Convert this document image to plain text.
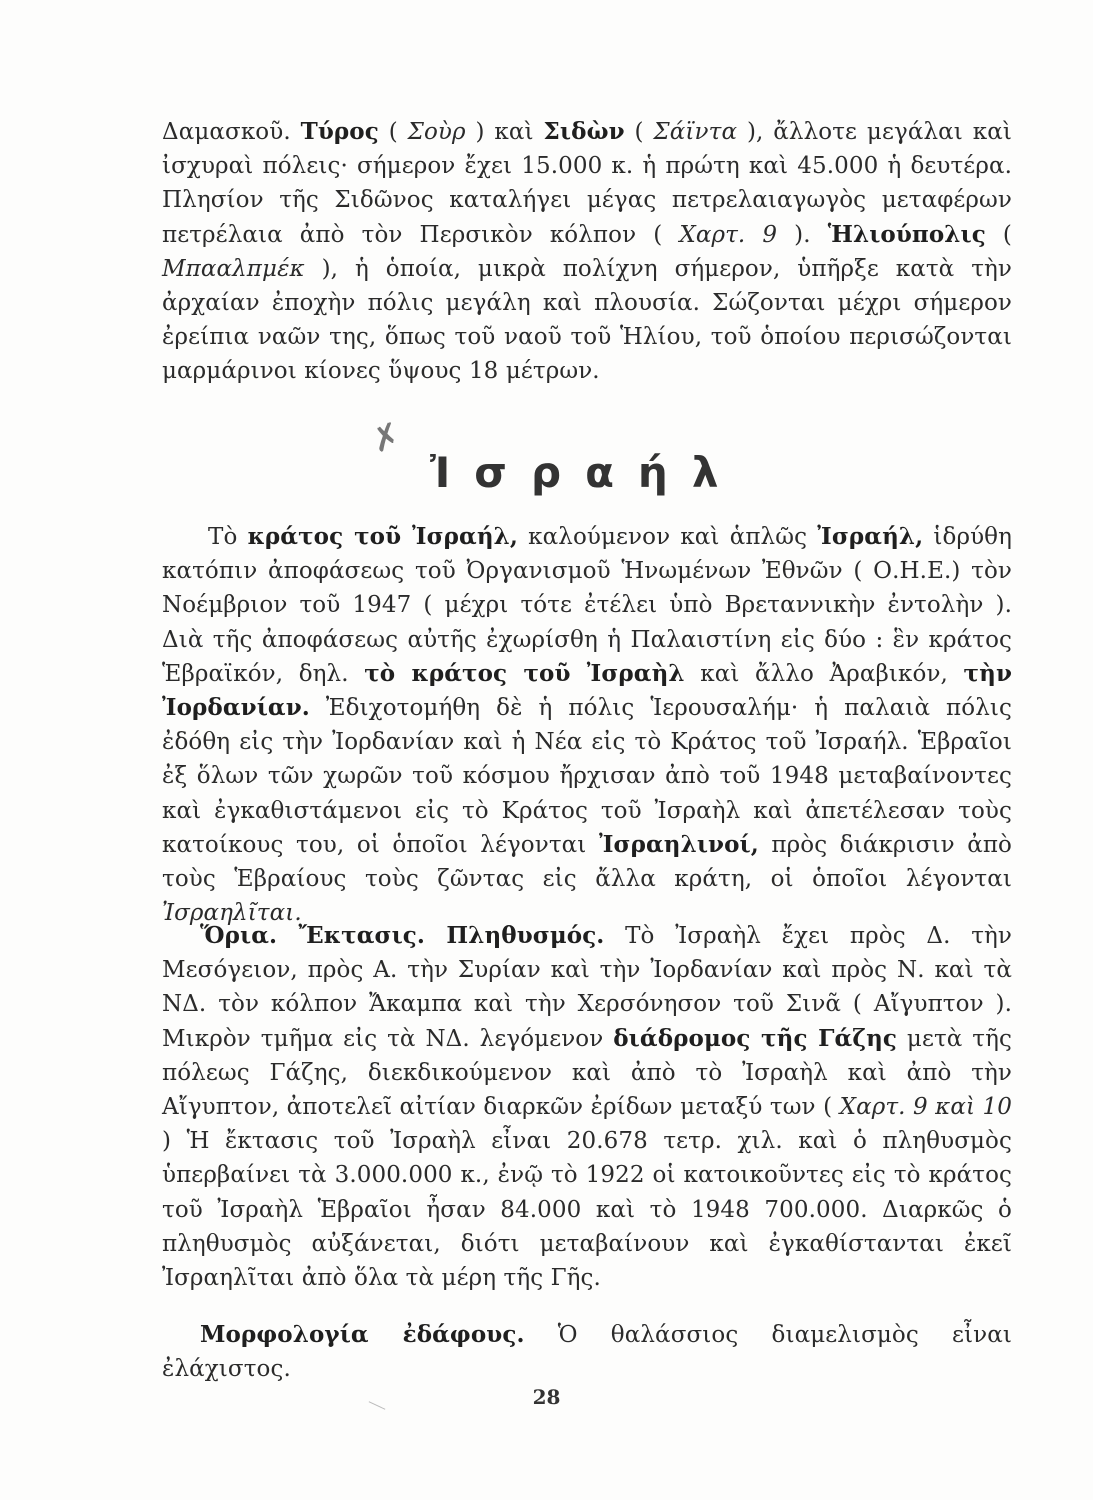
Δαμασκοῦ. Τύρος ( Σοὺρ ) καὶ Σιδὼν ( Σάϊντα ), ἄλλοτε μεγάλαι καὶ ἰσχυραὶ πόλεις· σήμερον ἔχει 15.000 κ. ἡ πρώτη καὶ 45.000 ἡ δευτέρα. Πλησίον τῆς Σιδῶνος καταλήγει μέγας πετρελαιαγωγὸς μεταφέρων πετρέλαια ἀπὸ τὸν Περσικὸν κόλπον ( Χαρτ. 9 ). Ἡλιούπολις ( Μπααλπμέκ ), ἡ ὁποία, μικρὰ πολίχνη σήμερον, ὑπῆρξε κατὰ τὴν ἀρχαίαν ἐποχὴν πόλις μεγάλη καὶ πλουσία. Σώζονται μέχρι σήμερον ἐρείπια ναῶν της, ὅπως τοῦ ναοῦ τοῦ Ἡλίου, τοῦ ὁποίου περισώζονται μαρμάρινοι κίονες ὕψους 18 μέτρων.
✗
Ἰσραήλ
Τὸ κράτος τοῦ Ἰσραήλ, καλούμενον καὶ ἁπλῶς Ἰσραήλ, ἱδρύθη κατόπιν ἀποφάσεως τοῦ Ὀργανισμοῦ Ἡνωμένων Ἐθνῶν ( Ο.Η.Ε.) τὸν Νοέμβριον τοῦ 1947 ( μέχρι τότε ἐτέλει ὑπὸ Βρεταννικὴν ἐντολὴν ). Διὰ τῆς ἀποφάσεως αὐτῆς ἐχωρίσθη ἡ Παλαιστίνη εἰς δύο : ἓν κράτος Ἑβραϊκόν, δηλ. τὸ κράτος τοῦ Ἰσραὴλ καὶ ἄλλο Ἀραβικόν, τὴν Ἰορδανίαν. Ἐδιχοτομήθη δὲ ἡ πόλις Ἱερουσαλήμ· ἡ παλαιὰ πόλις ἐδόθη εἰς τὴν Ἰορδανίαν καὶ ἡ Νέα εἰς τὸ Κράτος τοῦ Ἰσραήλ. Ἑβραῖοι ἐξ ὅλων τῶν χωρῶν τοῦ κόσμου ἤρχισαν ἀπὸ τοῦ 1948 μεταβαίνοντες καὶ ἐγκαθιστάμενοι εἰς τὸ Κράτος τοῦ Ἰσραὴλ καὶ ἀπετέλεσαν τοὺς κατοίκους του, οἱ ὁποῖοι λέγονται Ἰσραηλινοί, πρὸς διάκρισιν ἀπὸ τοὺς Ἑβραίους τοὺς ζῶντας εἰς ἄλλα κράτη, οἱ ὁποῖοι λέγονται Ἰσραηλῖται.
Ὅρια. Ἔκτασις. Πληθυσμός. Τὸ Ἰσραὴλ ἔχει πρὸς Δ. τὴν Μεσόγειον, πρὸς Α. τὴν Συρίαν καὶ τὴν Ἰορδανίαν καὶ πρὸς Ν. καὶ τὰ ΝΔ. τὸν κόλπον Ἄκαμπα καὶ τὴν Χερσόνησον τοῦ Σινᾶ ( Αἴγυπτον ). Μικρὸν τμῆμα εἰς τὰ ΝΔ. λεγόμενον διάδρομος τῆς Γάζης μετὰ τῆς πόλεως Γάζης, διεκδικούμενον καὶ ἀπὸ τὸ Ἰσραὴλ καὶ ἀπὸ τὴν Αἴγυπτον, ἀποτελεῖ αἰτίαν διαρκῶν ἐρίδων μεταξύ των ( Χαρτ. 9 καὶ 10 ) Ἡ ἔκτασις τοῦ Ἰσραὴλ εἶναι 20.678 τετρ. χιλ. καὶ ὁ πληθυσμὸς ὑπερβαίνει τὰ 3.000.000 κ., ἐνῷ τὸ 1922 οἱ κατοικοῦντες εἰς τὸ κράτος τοῦ Ἰσραὴλ Ἑβραῖοι ἦσαν 84.000 καὶ τὸ 1948 700.000. Διαρκῶς ὁ πληθυσμὸς αὐξάνεται, διότι μεταβαίνουν καὶ ἐγκαθίστανται ἐκεῖ Ἰσραηλῖται ἀπὸ ὅλα τὰ μέρη τῆς Γῆς.
Μορφολογία ἐδάφους. Ὁ θαλάσσιος διαμελισμὸς εἶναι ἐλάχιστος.
28
